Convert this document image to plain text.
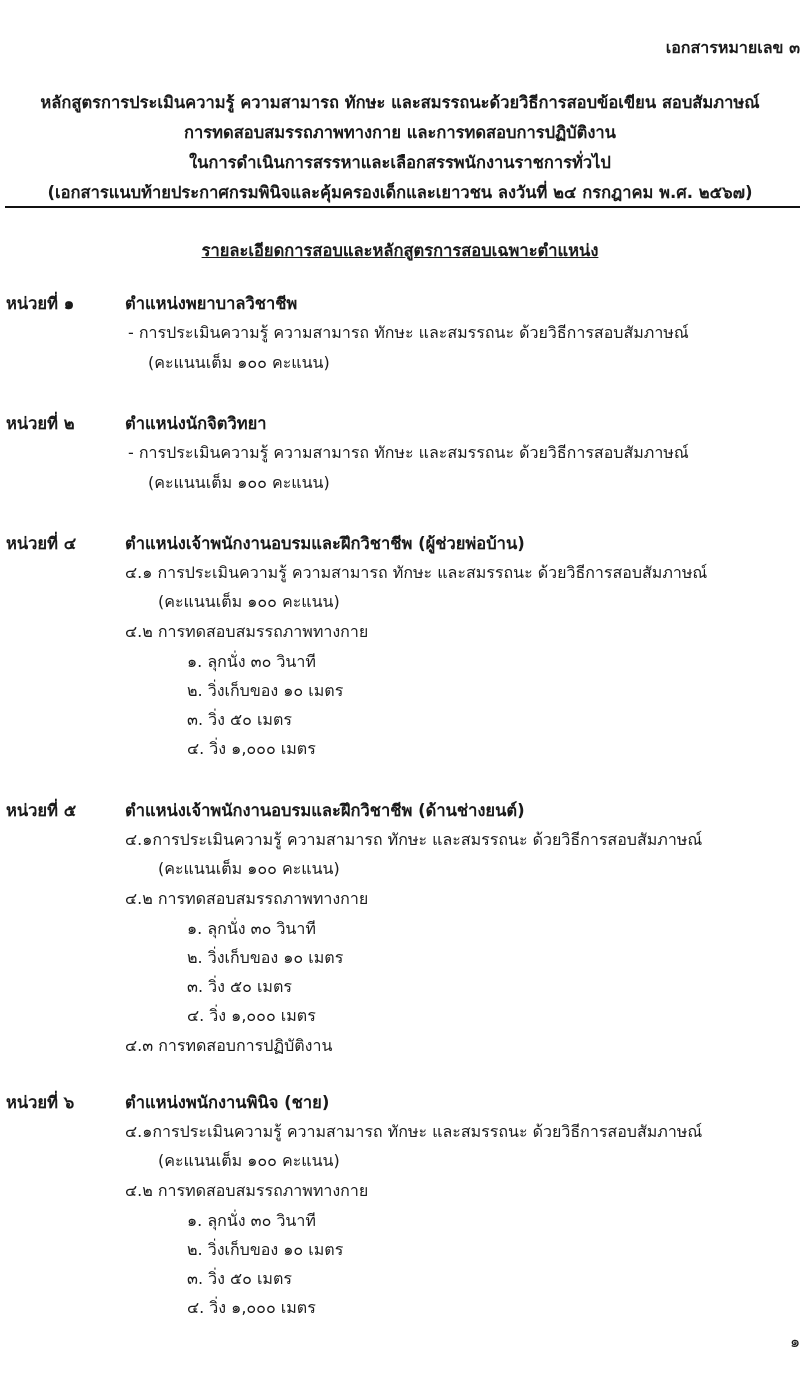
เอกสารหมายเลข ๓
หลักสูตรการประเมินความรู้ ความสามารถ ทักษะ และสมรรถนะด้วยวิธีการสอบข้อเขียน สอบสัมภาษณ์
การทดสอบสมรรถภาพทางกาย และการทดสอบการปฏิบัติงาน
ในการดำเนินการสรรหาและเลือกสรรพนักงานราชการทั่วไป
(เอกสารแนบท้ายประกาศกรมพินิจและคุ้มครองเด็กและเยาวชน ลงวันที่ ๒๔ กรกฎาคม พ.ศ. ๒๕๖๗)
รายละเอียดการสอบและหลักสูตรการสอบเฉพาะตำแหน่ง
หน่วยที่ ๑	ตำแหน่งพยาบาลวิชาชีพ
- การประเมินความรู้ ความสามารถ ทักษะ และสมรรถนะ ด้วยวิธีการสอบสัมภาษณ์
(คะแนนเต็ม ๑๐๐ คะแนน)
หน่วยที่ ๒	ตำแหน่งนักจิตวิทยา
- การประเมินความรู้ ความสามารถ ทักษะ และสมรรถนะ ด้วยวิธีการสอบสัมภาษณ์
(คะแนนเต็ม ๑๐๐ คะแนน)
หน่วยที่ ๔	ตำแหน่งเจ้าพนักงานอบรมและฝึกวิชาชีพ (ผู้ช่วยพ่อบ้าน)
๔.๑ การประเมินความรู้ ความสามารถ ทักษะ และสมรรถนะ ด้วยวิธีการสอบสัมภาษณ์
(คะแนนเต็ม ๑๐๐ คะแนน)
๔.๒ การทดสอบสมรรถภาพทางกาย
๑. ลุกนั่ง ๓๐ วินาที
๒. วิ่งเก็บของ ๑๐ เมตร
๓. วิ่ง ๕๐ เมตร
๔. วิ่ง ๑,๐๐๐ เมตร
หน่วยที่ ๕	ตำแหน่งเจ้าพนักงานอบรมและฝึกวิชาชีพ (ด้านช่างยนต์)
๔.๑การประเมินความรู้ ความสามารถ ทักษะ และสมรรถนะ ด้วยวิธีการสอบสัมภาษณ์
(คะแนนเต็ม ๑๐๐ คะแนน)
๔.๒ การทดสอบสมรรถภาพทางกาย
๑. ลุกนั่ง ๓๐ วินาที
๒. วิ่งเก็บของ ๑๐ เมตร
๓. วิ่ง ๕๐ เมตร
๔. วิ่ง ๑,๐๐๐ เมตร
๔.๓ การทดสอบการปฏิบัติงาน
หน่วยที่ ๖	ตำแหน่งพนักงานพินิจ (ชาย)
๔.๑การประเมินความรู้ ความสามารถ ทักษะ และสมรรถนะ ด้วยวิธีการสอบสัมภาษณ์
(คะแนนเต็ม ๑๐๐ คะแนน)
๔.๒ การทดสอบสมรรถภาพทางกาย
๑. ลุกนั่ง ๓๐ วินาที
๒. วิ่งเก็บของ ๑๐ เมตร
๓. วิ่ง ๕๐ เมตร
๔. วิ่ง ๑,๐๐๐ เมตร
๑
